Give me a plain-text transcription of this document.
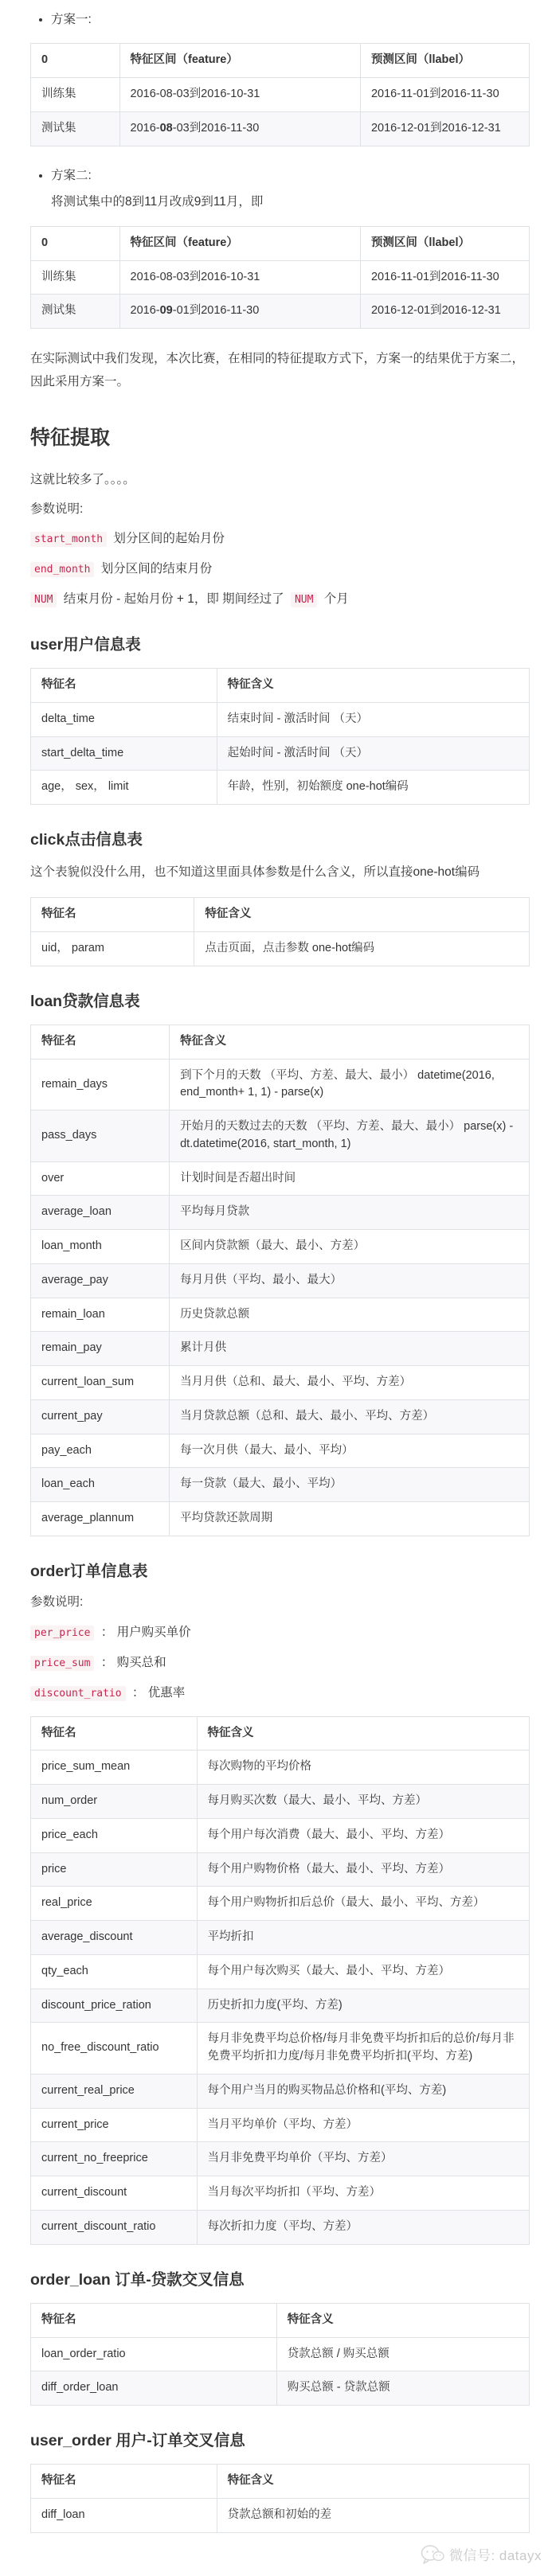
• 方案一:
0	特征区间（feature）	预测区间（llabel）
训练集	2016-08-03到2016-10-31	2016-11-01到2016-11-30
测试集	2016-08-03到2016-11-30	2016-12-01到2016-12-31
• 方案二:
将测试集中的8到11月改成9到11月，即
0	特征区间（feature）	预测区间（llabel）
训练集	2016-08-03到2016-10-31	2016-11-01到2016-11-30
测试集	2016-09-01到2016-11-30	2016-12-01到2016-12-31

在实际测试中我们发现，本次比赛，在相同的特征提取方式下，方案一的结果优于方案二，因此采用方案一。

特征提取

这就比较多了。。。。

参数说明:

start_month 划分区间的起始月份
end_month 划分区间的结束月份
NUM 结束月份 - 起始月份 + 1，即 期间经过了 NUM 个月
user用户信息表
特征名	特征含义
delta_time	结束时间 - 激活时间 （天）
start_delta_time	起始时间 - 激活时间 （天）
age， sex， limit	年龄，性别，初始额度 one-hot编码
click点击信息表

这个表貌似没什么用，也不知道这里面具体参数是什么含义，所以直接one-hot编码

特征名	特征含义
uid， param	点击页面，点击参数 one-hot编码
loan贷款信息表
特征名	特征含义
remain_days	到下个月的天数 （平均、方差、最大、最小） datetime(2016, end_month+ 1, 1) - parse(x)
pass_days	开始月的天数过去的天数 （平均、方差、最大、最小） parse(x) - dt.datetime(2016, start_month, 1)
over	计划时间是否超出时间
average_loan	平均每月贷款
loan_month	区间内贷款额（最大、最小、方差）
average_pay	每月月供（平均、最小、最大）
remain_loan	历史贷款总额
remain_pay	累计月供
current_loan_sum	当月月供（总和、最大、最小、平均、方差）
current_pay	当月贷款总额（总和、最大、最小、平均、方差）
pay_each	每一次月供（最大、最小、平均）
loan_each	每一贷款（最大、最小、平均）
average_plannum	平均贷款还款周期
order订单信息表

参数说明:

per_price ： 用户购买单价
price_sum ： 购买总和
discount_ratio ： 优惠率
特征名	特征含义
price_sum_mean	每次购物的平均价格
num_order	每月购买次数（最大、最小、平均、方差）
price_each	每个用户每次消费（最大、最小、平均、方差）
price	每个用户购物价格（最大、最小、平均、方差）
real_price	每个用户购物折扣后总价（最大、最小、平均、方差）
average_discount	平均折扣
qty_each	每个用户每次购买（最大、最小、平均、方差）
discount_price_ration	历史折扣力度(平均、方差)
no_free_discount_ratio	每月非免费平均总价格/每月非免费平均折扣后的总价/每月非免费平均折扣力度/每月非免费平均折扣(平均、方差)
current_real_price	每个用户当月的购买物品总价格和(平均、方差)
current_price	当月平均单价（平均、方差）
current_no_freeprice	当月非免费平均单价（平均、方差）
current_discount	当月每次平均折扣（平均、方差）
current_discount_ratio	每次折扣力度（平均、方差）
order_loan 订单-贷款交叉信息
特征名	特征含义
loan_order_ratio	贷款总额 / 购买总额
diff_order_loan	购买总额 - 贷款总额
user_order 用户-订单交叉信息
特征名	特征含义
diff_loan	贷款总额和初始的差
微信号: datayx
